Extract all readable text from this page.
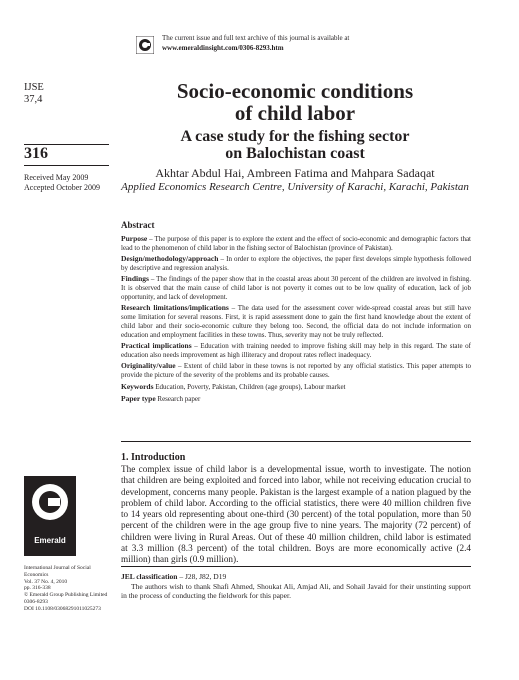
The current issue and full text archive of this journal is available at
www.emeraldinsight.com/0306-8293.htm
IJSE
37,4
316
Received May 2009
Accepted October 2009
Socio-economic conditions
of child labor
A case study for the fishing sector
on Balochistan coast
Akhtar Abdul Hai, Ambreen Fatima and Mahpara Sadaqat
Applied Economics Research Centre, University of Karachi, Karachi, Pakistan
Abstract

Purpose – The purpose of this paper is to explore the extent and the effect of socio-economic and demographic factors that lead to the phenomenon of child labor in the fishing sector of Balochistan (province of Pakistan).

Design/methodology/approach – In order to explore the objectives, the paper first develops simple hypothesis followed by descriptive and regression analysis.

Findings – The findings of the paper show that in the coastal areas about 30 percent of the children are involved in fishing. It is observed that the main cause of child labor is not poverty it comes out to be low quality of education, lack of job opportunity, and lack of development.

Research limitations/implications – The data used for the assessment cover wide-spread coastal areas but still have some limitation for several reasons. First, it is rapid assessment done to gain the first hand knowledge about the extent of child labor and their socio-economic culture they belong too. Second, the official data do not include information on education and employment facilities in these towns. Thus, severity may not be truly reflected.

Practical implications – Education with training needed to improve fishing skill may help in this regard. The state of education also needs improvement as high illiteracy and dropout rates reflect inadequacy.

Originality/value – Extent of child labor in these towns is not reported by any official statistics. This paper attempts to provide the picture of the severity of the problems and its probable causes.

Keywords Education, Poverty, Pakistan, Children (age groups), Labour market

Paper type Research paper

1. Introduction

The complex issue of child labor is a developmental issue, worth to investigate. The notion that children are being exploited and forced into labor, while not receiving education crucial to development, concerns many people. Pakistan is the largest example of a nation plagued by the problem of child labor. According to the official statistics, there were 40 million children five to 14 years old representing about one-third (30 percent) of the total population, more than 50 percent of the children were in the age group five to nine years. The majority (72 percent) of children were living in Rural Areas. Out of these 40 million children, child labor is estimated at 3.3 million (8.3 percent) of the total children. Boys are more economically active (2.4 million) than girls (0.9 million).

JEL classification – J28, J82, D19

The authors wish to thank Shafi Ahmed, Shoukat Ali, Amjad Ali, and Sohail Javaid for their unstinting support in the process of conducting the fieldwork for this paper.

Emerald
International Journal of Social
Economics
Vol. 37 No. 4, 2010
pp. 316-338
© Emerald Group Publishing Limited
0306-8293
DOI 10.1108/03068291011025273
